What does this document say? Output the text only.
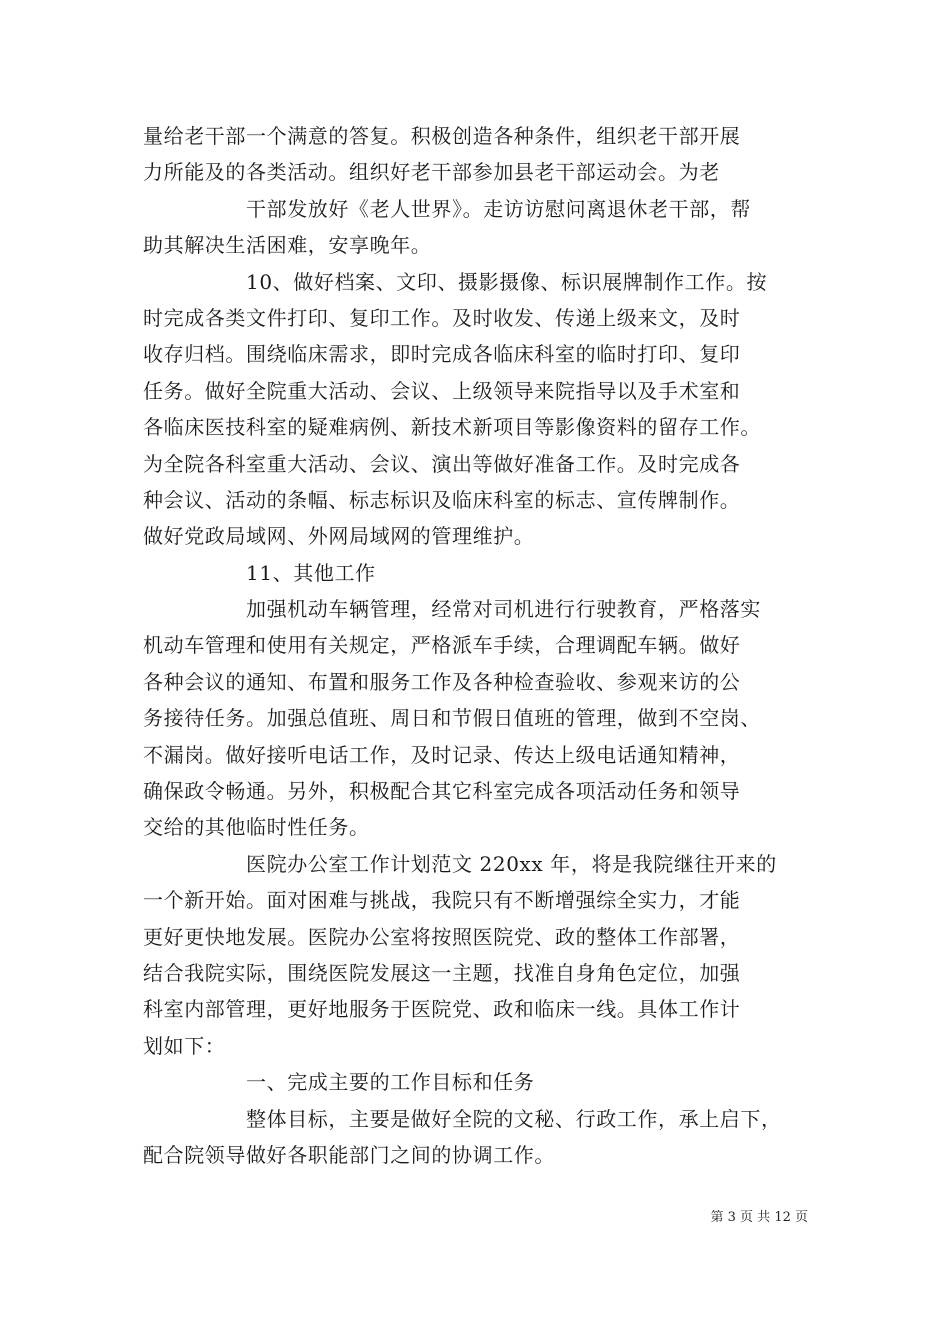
量给老干部一个满意的答复。积极创造各种条件，组织老干部开展
力所能及的各类活动。组织好老干部参加县老干部运动会。为老
干部发放好《老人世界》。走访访慰问离退休老干部，帮
助其解决生活困难，安享晚年。
10、做好档案、文印、摄影摄像、标识展牌制作工作。按
时完成各类文件打印、复印工作。及时收发、传递上级来文，及时
收存归档。围绕临床需求，即时完成各临床科室的临时打印、复印
任务。做好全院重大活动、会议、上级领导来院指导以及手术室和
各临床医技科室的疑难病例、新技术新项目等影像资料的留存工作。
为全院各科室重大活动、会议、演出等做好准备工作。及时完成各
种会议、活动的条幅、标志标识及临床科室的标志、宣传牌制作。
做好党政局域网、外网局域网的管理维护。
11、其他工作
加强机动车辆管理，经常对司机进行行驶教育，严格落实
机动车管理和使用有关规定，严格派车手续，合理调配车辆。做好
各种会议的通知、布置和服务工作及各种检查验收、参观来访的公
务接待任务。加强总值班、周日和节假日值班的管理，做到不空岗、
不漏岗。做好接听电话工作，及时记录、传达上级电话通知精神，
确保政令畅通。另外，积极配合其它科室完成各项活动任务和领导
交给的其他临时性任务。
医院办公室工作计划范文 220xx 年，将是我院继往开来的
一个新开始。面对困难与挑战，我院只有不断增强综全实力，才能
更好更快地发展。医院办公室将按照医院党、政的整体工作部署，
结合我院实际，围绕医院发展这一主题，找准自身角色定位，加强
科室内部管理，更好地服务于医院党、政和临床一线。具体工作计
划如下：
一、完成主要的工作目标和任务
整体目标，主要是做好全院的文秘、行政工作，承上启下，
配合院领导做好各职能部门之间的协调工作。
第 3 页 共 12 页
